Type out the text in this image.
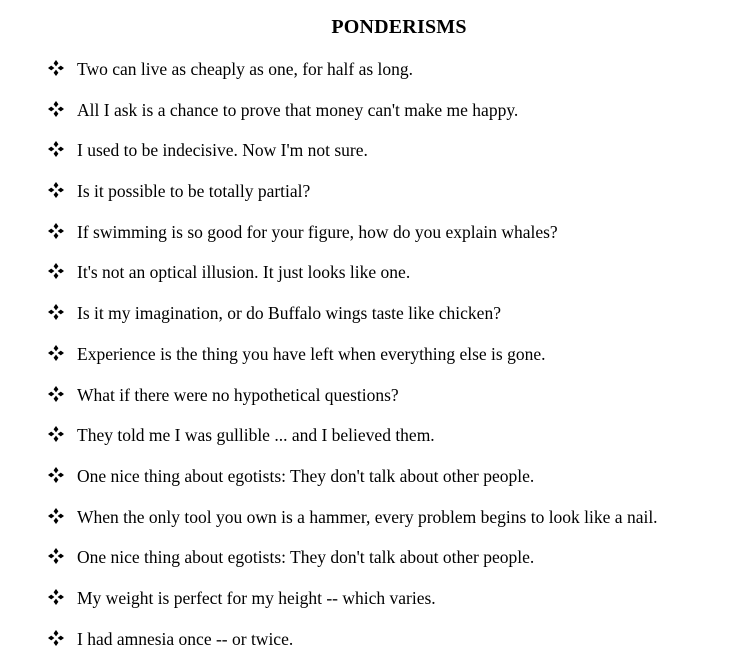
PONDERISMS
Two can live as cheaply as one, for half as long.
All I ask is a chance to prove that money can't make me happy.
I used to be indecisive. Now I'm not sure.
Is it possible to be totally partial?
If swimming is so good for your figure, how do you explain whales?
It's not an optical illusion. It just looks like one.
Is it my imagination, or do Buffalo wings taste like chicken?
Experience is the thing you have left when everything else is gone.
What if there were no hypothetical questions?
They told me I was gullible ... and I believed them.
One nice thing about egotists: They don't talk about other people.
When the only tool you own is a hammer, every problem begins to look like a nail.
One nice thing about egotists: They don't talk about other people.
My weight is perfect for my height -- which varies.
I had amnesia once -- or twice.
